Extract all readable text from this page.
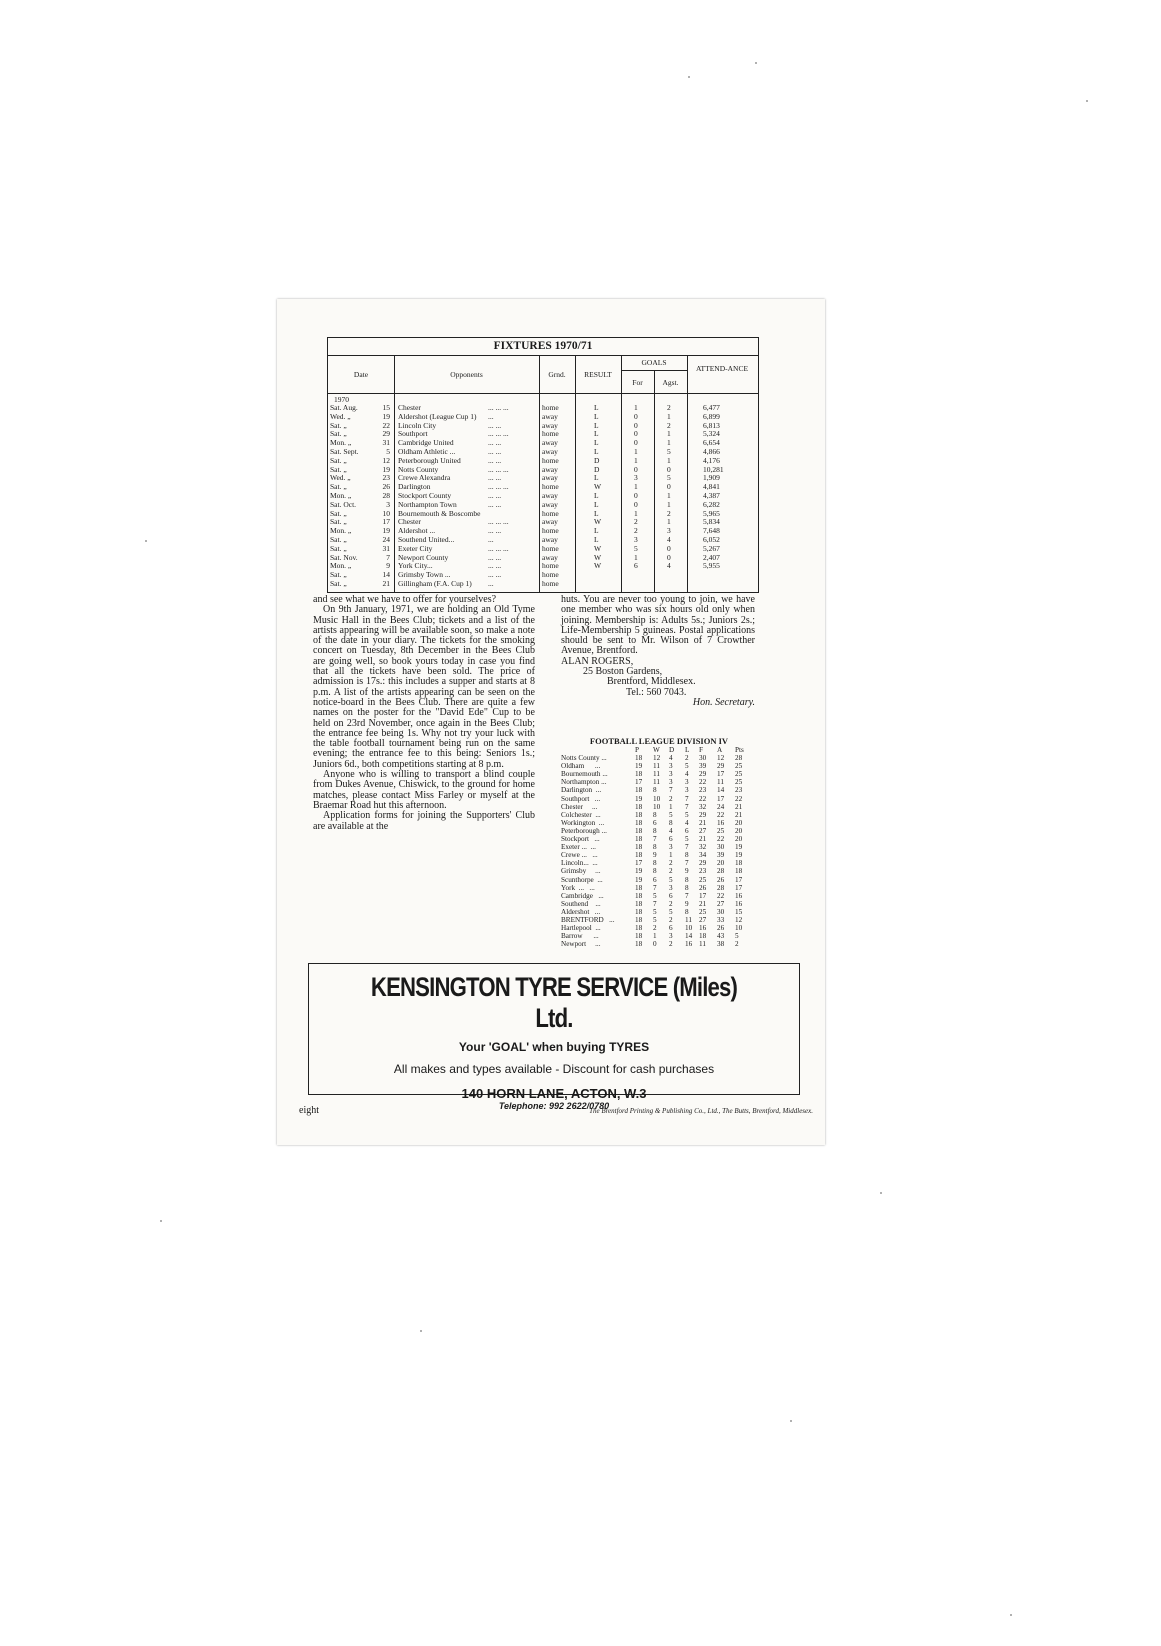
FIXTURES 1970/71
Date	Opponents	Grnd.	RESULT
GOALS
For	Agst.
ATTEND-ANCE
1970
Sat. Aug.	15 Chester	... ... ...	home	L	1	2	6,477
Wed. „	19 Aldershot (League Cup 1) ...	away	L	0	1	6,899
Sat. „	22 Lincoln City	... ...	away	L	0	2	6,813
Sat. „	29 Southport	... ... ...	home	L	0	1	5,324
Mon. „	31 Cambridge United	... ...	away	L	0	1	6,654
Sat. Sept.	5 Oldham Athletic ...	... ...	away	L	1	5	4,866
Sat. „	12 Peterborough United	... ...	home	D	1	1	4,176
Sat. „	19 Notts County	... ... ...	away	D	0	0	10,281
Wed. „	23 Crewe Alexandra	... ...	away	L	3	5	1,909
Sat. „	26 Darlington	... ... ...	home	W	1	0	4,841
Mon. „	28 Stockport County	... ...	away	L	0	1	4,387
Sat. Oct.	3 Northampton Town	... ...	away	L	0	1	6,282
Sat. „	10 Bournemouth & Boscombe	home	L	1	2	5,965
Sat. „	17 Chester	... ... ...	away	W	2	1	5,834
Mon. „	19 Aldershot ...	... ...	home	L	2	3	7,648
Sat. „	24 Southend United...	...	away	L	3	4	6,052
Sat. „	31 Exeter City	... ... ...	home	W	5	0	5,267
Sat. Nov.	7 Newport County	... ...	away	W	1	0	2,407
Mon. „	9 York City...	... ...	home	W	6	4	5,955
Sat. „	14 Grimsby Town ...	... ...	home
Sat. „	21 Gillingham (F.A. Cup 1) ...	home
and see what we have to offer for yourselves?
On 9th January, 1971, we are holding an Old Tyme Music Hall in the Bees Club; tickets and a list of the artists appearing will be available soon, so make a note of the date in your diary. The tickets for the smoking concert on Tuesday, 8th December in the Bees Club are going well, so book yours today in case you find that all the tickets have been sold. The price of admission is 17s.: this includes a supper and starts at 8 p.m. A list of the artists appearing can be seen on the notice-board in the Bees Club. There are quite a few names on the poster for the "David Ede" Cup to be held on 23rd November, once again in the Bees Club; the entrance fee being 1s. Why not try your luck with the table football tournament being run on the same evening; the entrance fee to this being: Seniors 1s.; Juniors 6d., both competitions starting at 8 p.m.
Anyone who is willing to transport a blind couple from Dukes Avenue, Chiswick, to the ground for home matches, please contact Miss Farley or myself at the Braemar Road hut this afternoon.
Application forms for joining the Supporters' Club are available at the
huts. You are never too young to join, we have one member who was six hours old only when joining. Membership is: Adults 5s.; Juniors 2s.; Life-Membership 5 guineas. Postal applications should be sent to Mr. Wilson of 7 Crowther Avenue, Brentford.
ALAN ROGERS,
25 Boston Gardens,
Brentford, Middlesex.
Tel.: 560 7043.
Hon. Secretary.
FOOTBALL LEAGUE DIVISION IV
P W D L F A Pts
Notts County ...	18 12 4 2 30 12 28
Oldham      ...	19 11 3 5 39 29 25
Bournemouth ...	18 11 3 4 29 17 25
Northampton ...	17 11 3 3 22 11 25
Darlington  ...	18 8 7 3 23 14 23
Southport   ...	19 10 2 7 22 17 22
Chester     ...	18 10 1 7 32 24 21
Colchester  ...	18 8 5 5 29 22 21
Workington  ...	18 6 8 4 21 16 20
Peterborough ...	18 8 4 6 27 25 20
Stockport   ...	18 7 6 5 21 22 20
Exeter ...  ...	18 8 3 7 32 30 19
Crewe ...   ...	18 9 1 8 34 39 19
Lincoln...  ...	17 8 2 7 29 20 18
Grimsby     ...	19 8 2 9 23 28 18
Scunthorpe  ...	19 6 5 8 25 26 17
York  ...   ...	18 7 3 8 26 28 17
Cambridge   ...	18 5 6 7 17 22 16
Southend    ...	18 7 2 9 21 27 16
Aldershot   ...	18 5 5 8 25 30 15
BRENTFORD   ...	18 5 2 11 27 33 12
Hartlepool  ...	18 2 6 10 16 26 10
Barrow      ...	18 1 3 14 18 43 5
Newport     ...	18 0 2 16 11 38 2
KENSINGTON TYRE SERVICE (Miles) Ltd.
Your 'GOAL' when buying TYRES
All makes and types available - Discount for cash purchases
140 HORN LANE, ACTON, W.3
Telephone: 992 2622/0780
eight	The Brentford Printing & Publishing Co., Ltd., The Butts, Brentford, Middlesex.
